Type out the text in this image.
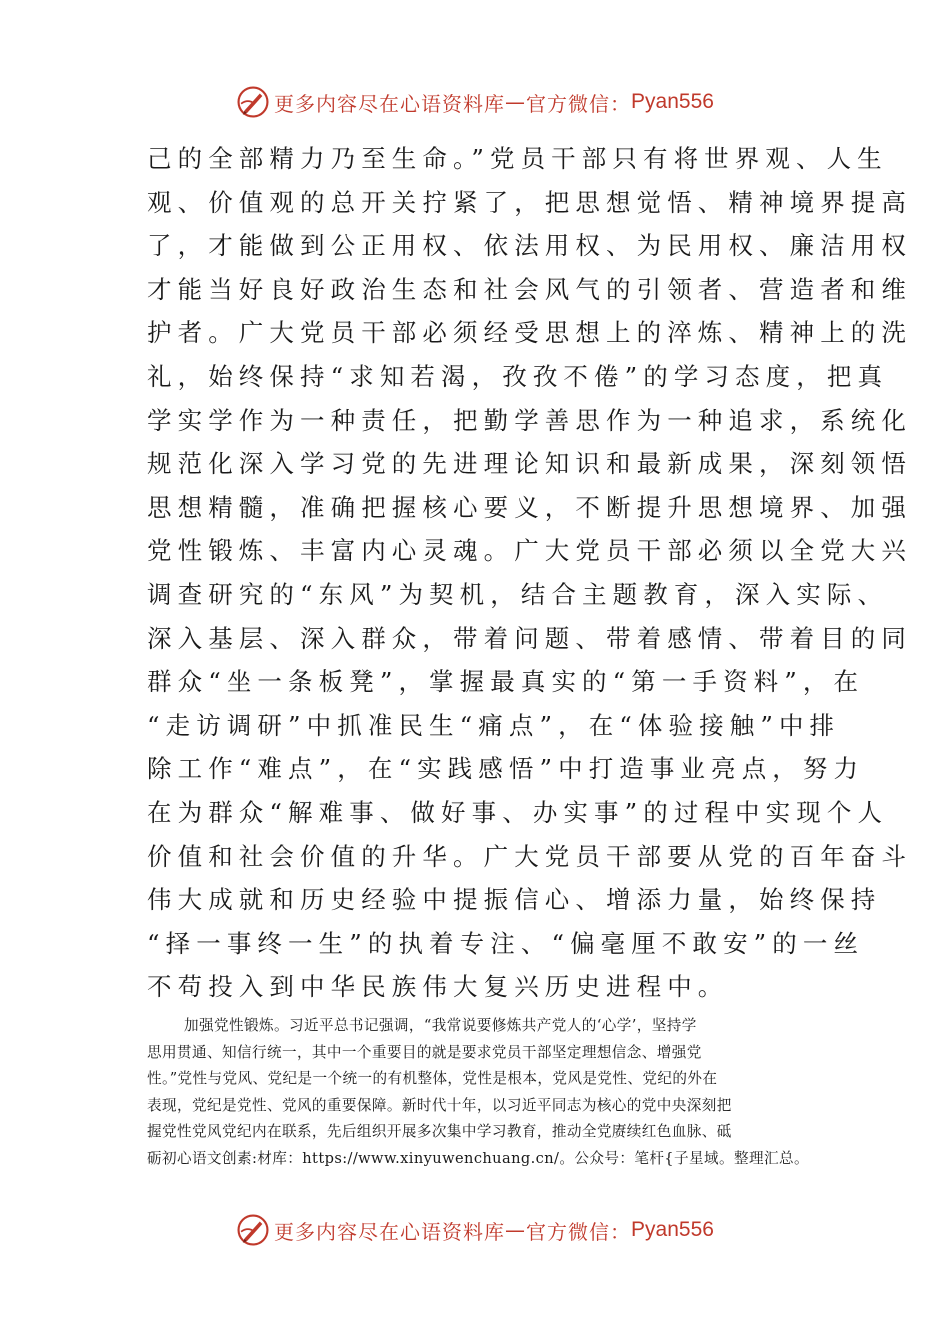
更多内容尽在心语资料库 — 官方微信： Pyan556
己的全部精力乃至生命。”党员干部只有将世界观、人生
观、价值观的总开关拧紧了，把思想觉悟、精神境界提高
了，才能做到公正用权、依法用权、为民用权、廉洁用权
才能当好良好政治生态和社会风气的引领者、营造者和维
护者。广大党员干部必须经受思想上的淬炼、精神上的洗
礼，始终保持“求知若渴，孜孜不倦”的学习态度，把真
学实学作为一种责任，把勤学善思作为一种追求，系统化
规范化深入学习党的先进理论知识和最新成果，深刻领悟
思想精髓，准确把握核心要义，不断提升思想境界、加强
党性锻炼、丰富内心灵魂。广大党员干部必须以全党大兴
调查研究的“东风”为契机，结合主题教育，深入实际、
深入基层、深入群众，带着问题、带着感情、带着目的同
群众“坐一条板凳”，掌握最真实的“第一手资料”，在
“走访调研”中抓准民生“痛点”，在“体验接触”中排
除工作“难点”，在“实践感悟”中打造事业亮点，努力
在为群众“解难事、做好事、办实事”的过程中实现个人
价值和社会价值的升华。广大党员干部要从党的百年奋斗
伟大成就和历史经验中提振信心、增添力量，始终保持
“择一事终一生”的执着专注、“偏毫厘不敢安”的一丝
不苟投入到中华民族伟大复兴历史进程中。
加强党性锻炼。习近平总书记强调，“我常说要修炼共产党人的‘心学’，坚持学
思用贯通、知信行统一，其中一个重要目的就是要求党员干部坚定理想信念、增强党
性。”党性与党风、党纪是一个统一的有机整体，党性是根本，党风是党性、党纪的外在
表现，党纪是党性、党风的重要保障。新时代十年，以习近平同志为核心的党中央深刻把
握党性党风党纪内在联系，先后组织开展多次集中学习教育，推动全党赓续红色血脉、砥
砺初心语文创素:材库：https://www.xinyuwenchuang.cn/。公众号：笔杆{子星域。整理汇总。
更多内容尽在心语资料库 — 官方微信： Pyan556
